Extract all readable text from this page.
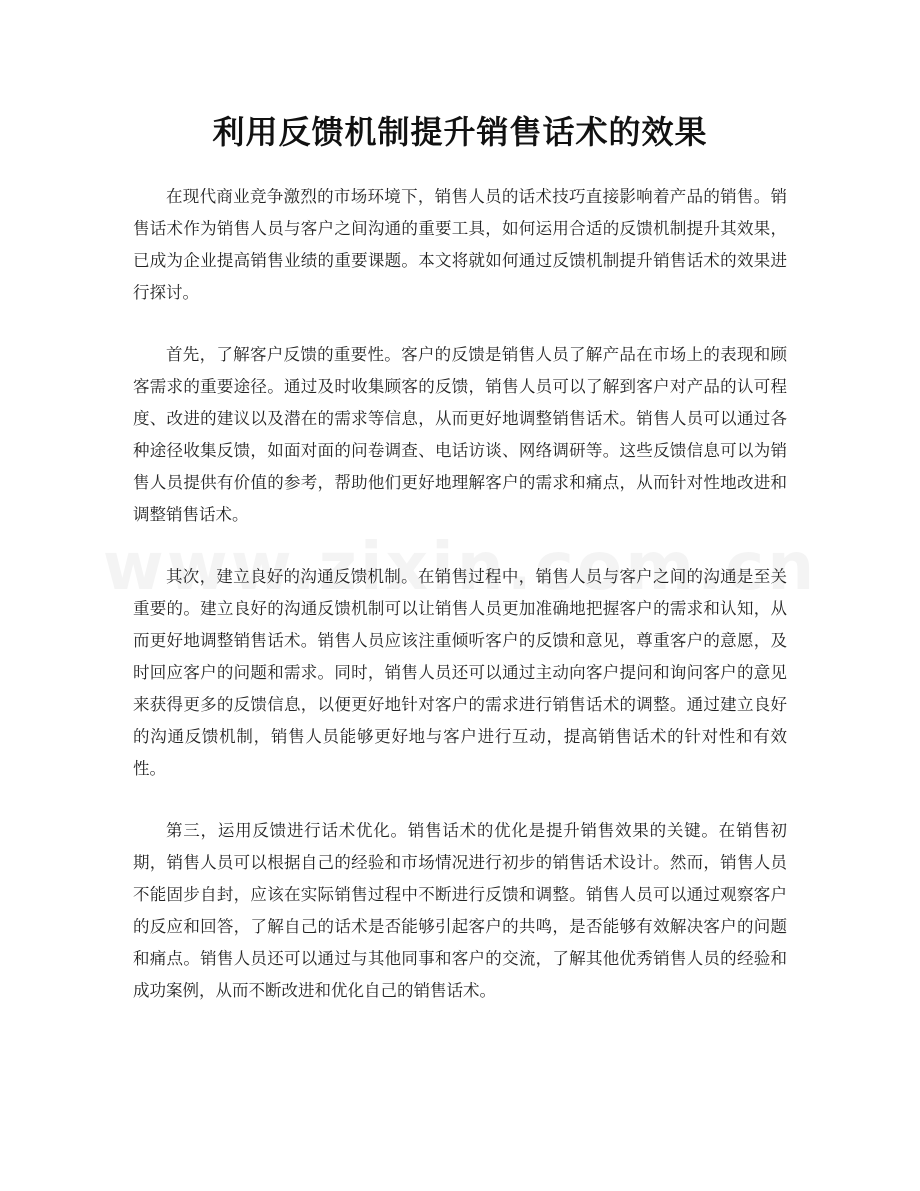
利用反馈机制提升销售话术的效果

在现代商业竞争激烈的市场环境下，销售人员的话术技巧直接影响着产品的销售。销售话术作为销售人员与客户之间沟通的重要工具，如何运用合适的反馈机制提升其效果，已成为企业提高销售业绩的重要课题。本文将就如何通过反馈机制提升销售话术的效果进行探讨。

首先，了解客户反馈的重要性。客户的反馈是销售人员了解产品在市场上的表现和顾客需求的重要途径。通过及时收集顾客的反馈，销售人员可以了解到客户对产品的认可程度、改进的建议以及潜在的需求等信息，从而更好地调整销售话术。销售人员可以通过各种途径收集反馈，如面对面的问卷调查、电话访谈、网络调研等。这些反馈信息可以为销售人员提供有价值的参考，帮助他们更好地理解客户的需求和痛点，从而针对性地改进和调整销售话术。

其次，建立良好的沟通反馈机制。在销售过程中，销售人员与客户之间的沟通是至关重要的。建立良好的沟通反馈机制可以让销售人员更加准确地把握客户的需求和认知，从而更好地调整销售话术。销售人员应该注重倾听客户的反馈和意见，尊重客户的意愿，及时回应客户的问题和需求。同时，销售人员还可以通过主动向客户提问和询问客户的意见来获得更多的反馈信息，以便更好地针对客户的需求进行销售话术的调整。通过建立良好的沟通反馈机制，销售人员能够更好地与客户进行互动，提高销售话术的针对性和有效性。

第三，运用反馈进行话术优化。销售话术的优化是提升销售效果的关键。在销售初期，销售人员可以根据自己的经验和市场情况进行初步的销售话术设计。然而，销售人员不能固步自封，应该在实际销售过程中不断进行反馈和调整。销售人员可以通过观察客户的反应和回答，了解自己的话术是否能够引起客户的共鸣，是否能够有效解决客户的问题和痛点。销售人员还可以通过与其他同事和客户的交流，了解其他优秀销售人员的经验和成功案例，从而不断改进和优化自己的销售话术。
